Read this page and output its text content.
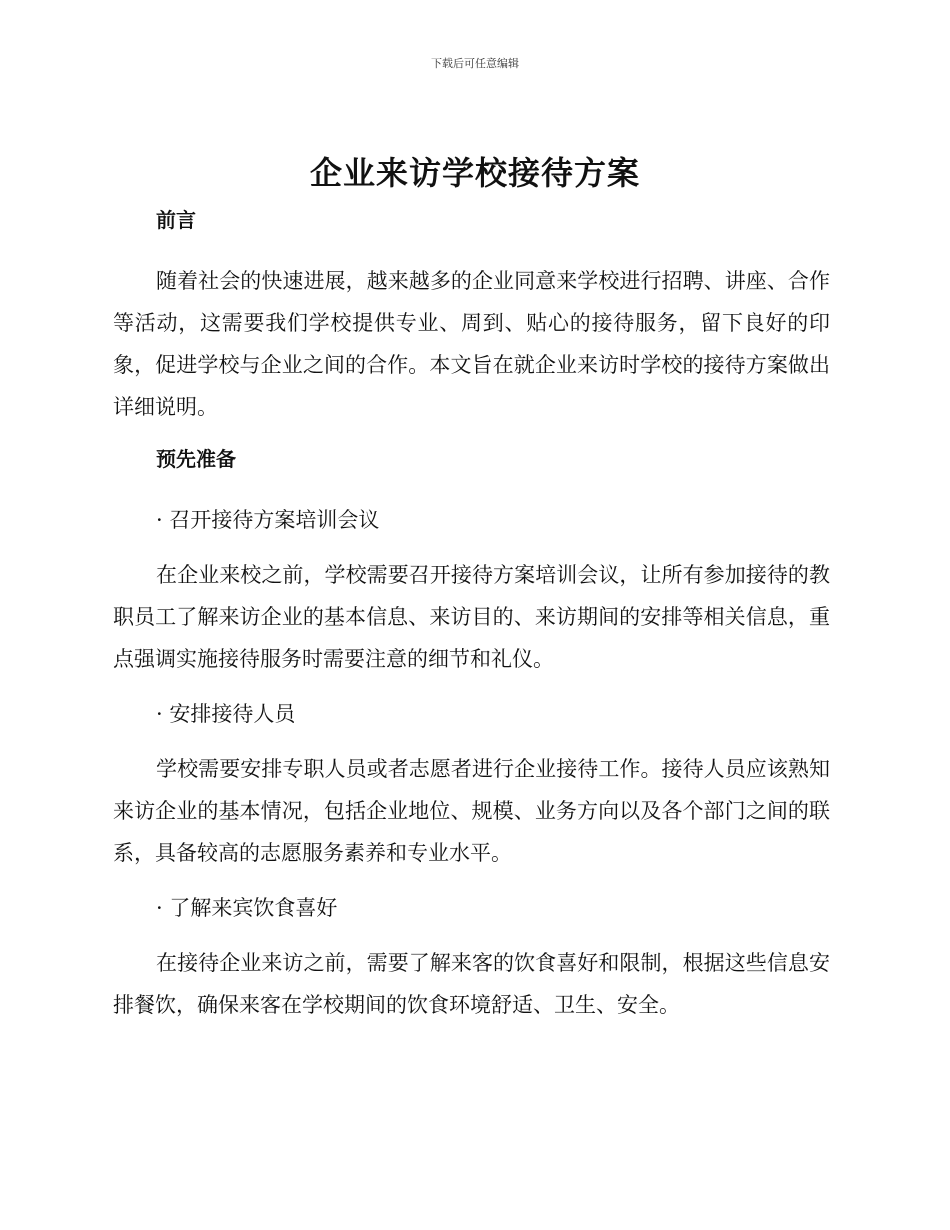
下载后可任意编辑
企业来访学校接待方案
前言

随着社会的快速进展，越来越多的企业同意来学校进行招聘、讲座、合作等活动，这需要我们学校提供专业、周到、贴心的接待服务，留下良好的印象，促进学校与企业之间的合作。本文旨在就企业来访时学校的接待方案做出详细说明。

预先准备
· 召开接待方案培训会议

在企业来校之前，学校需要召开接待方案培训会议，让所有参加接待的教职员工了解来访企业的基本信息、来访目的、来访期间的安排等相关信息，重点强调实施接待服务时需要注意的细节和礼仪。

· 安排接待人员

学校需要安排专职人员或者志愿者进行企业接待工作。接待人员应该熟知来访企业的基本情况，包括企业地位、规模、业务方向以及各个部门之间的联系，具备较高的志愿服务素养和专业水平。

· 了解来宾饮食喜好

在接待企业来访之前，需要了解来客的饮食喜好和限制，根据这些信息安排餐饮，确保来客在学校期间的饮食环境舒适、卫生、安全。
